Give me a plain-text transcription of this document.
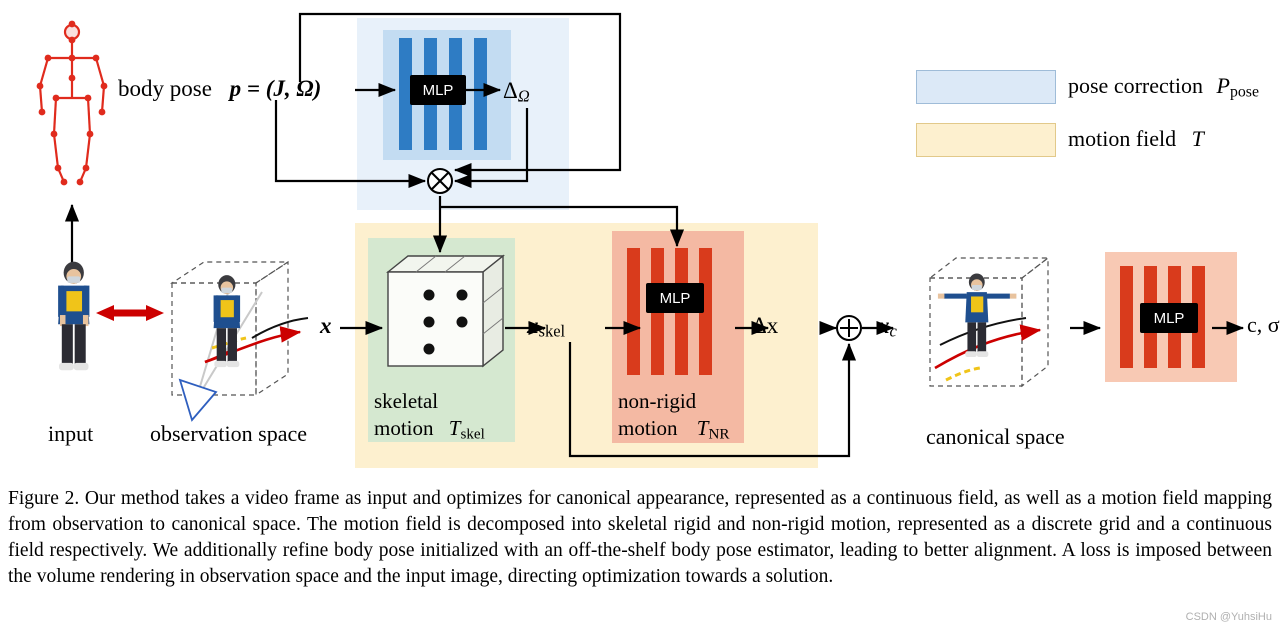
MLP
MLP
MLP
body pose p = (J, Ω)	$\Delta_\Omega$
x	$x_{skel}$	Δx	$x_c$	c, σ
skeletal
motion $T_{skel}$
non-rigid
motion $T_{NR}$
input	observation space	canonical space
pose correction $P_{pose}$
motion field T
Figure 2. Our method takes a video frame as input and optimizes for canonical appearance, represented as a continuous field, as well as a motion field mapping from observation to canonical space. The motion field is decomposed into skeletal rigid and non-rigid motion, represented as a discrete grid and a continuous field respectively. We additionally refine body pose initialized with an off-the-shelf body pose estimator, leading to better alignment. A loss is imposed between the volume rendering in observation space and the input image, directing optimization towards a solution.
CSDN @YuhsiHu
